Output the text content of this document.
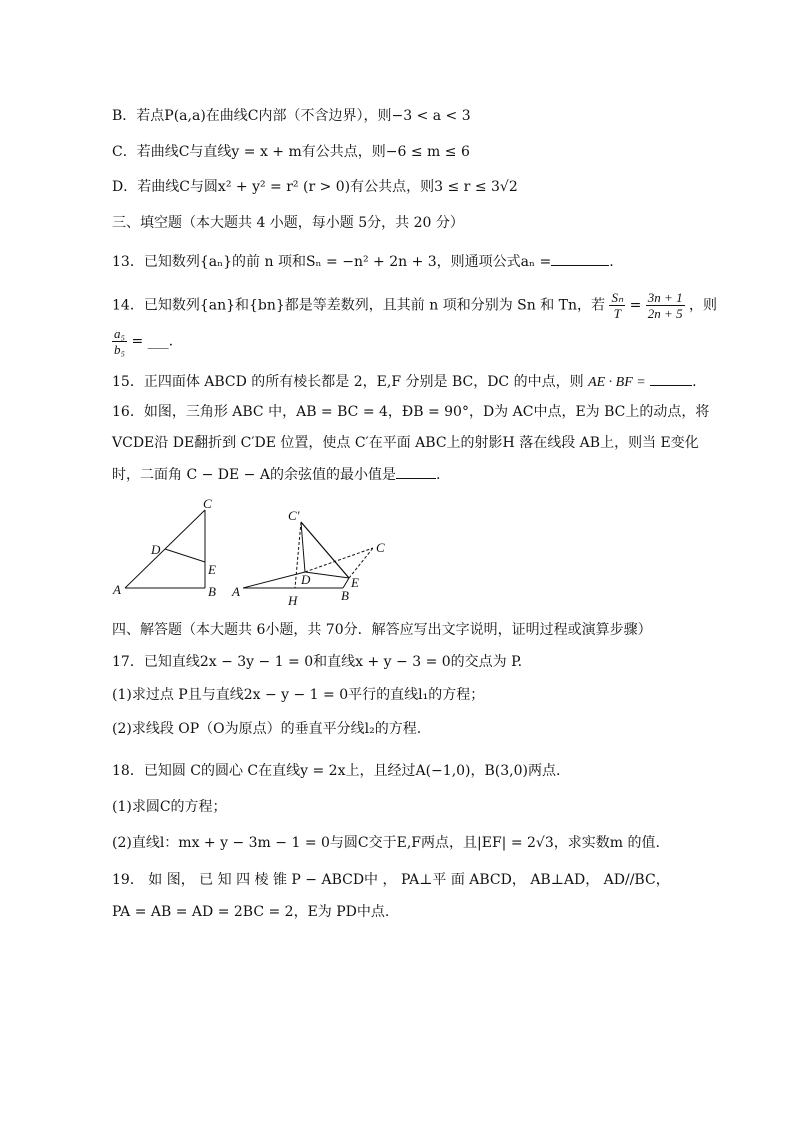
B．若点P(a,a)在曲线C内部（不含边界），则−3 < a < 3
C．若曲线C与直线y = x + m有公共点，则−6 ≤ m ≤ 6
D．若曲线C与圆x² + y² = r² (r > 0)有公共点，则3 ≤ r ≤ 3√2
三、填空题（本大题共 4 小题，每小题 5分，共 20 分）
13．已知数列{aₙ}的前 n 项和Sₙ = −n² + 2n + 3，则通项公式aₙ =	.
14．已知数列{an}和{bn}都是等差数列，且其前 n 项和分别为 Sn 和 Tn，若 $\frac{\text{Sₙ}}{T} = \frac{3n + 1}{2n + 5}$ ，则
$\frac{\text{a₅}}{\text{b₅}}$ = ___.
15．正四面体 ABCD 的所有棱长都是 2，E,F 分别是 BC，DC 的中点，则 AE · BF =	.
16．如图，三角形 ABC 中，AB = BC = 4，ÐB = 90°，D为 AC中点，E为 BC上的动点，将
VCDE沿 DE翻折到 C′DE 位置，使点 C′在平面 ABC上的射影H 落在线段 AB上，则当 E变化
时，二面角 C − DE − A的余弦值的最小值是	.
A	B
C
D
E
C′
C
D	E
A	B
H
四、解答题（本大题共 6小题，共 70分．解答应写出文字说明，证明过程或演算步骤）
17．已知直线2x − 3y − 1 = 0和直线x + y − 3 = 0的交点为 P.
(1)求过点 P且与直线2x − y − 1 = 0平行的直线l₁的方程；
(2)求线段 OP（O为原点）的垂直平分线l₂的方程.
18．已知圆 C的圆心 C在直线y = 2x上，且经过A(−1,0)，B(3,0)两点.
(1)求圆C的方程；
(2)直线l：mx + y − 3m − 1 = 0与圆C交于E,F两点，且|EF| = 2√3，求实数m 的值.
19． 如 图， 已 知 四 棱 锥 P − ABCD中 ， PA⊥平 面 ABCD， AB⊥AD， AD//BC，
PA = AB = AD = 2BC = 2，E为 PD中点.
